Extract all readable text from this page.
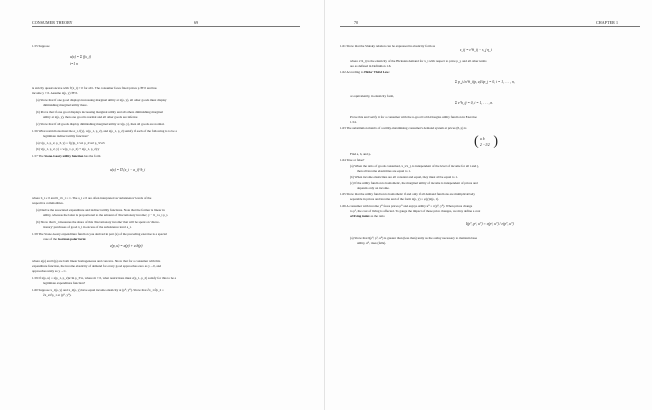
CONSUMER THEORY	69
1.55 Suppose
is strictly quasiconcave with f′(x_i) > 0 for all i. The consumer faces fixed prices p ≫ 0 and has
income y > 0. Assume x(p, y) ≫ 0.
(a) Show that if one good displays increasing marginal utility at x(p, y), all other goods must display
diminishing marginal utility there.
(b) Prove that if one good displays increasing marginal utility and all others diminishing marginal
utility at x(p, y), then one good is normal and all other goods are inferior.
(c) Show that if all goods display diminishing marginal utility at x(p, y), then all goods are normal.
1.56 What restrictions must the α_i, f(y), w(p_1, p_2), and z(p_1, p_2) satisfy if each of the following is to be a
legitimate indirect utility function?
(a) v(p_1, p_2, p_3, y) = f(y)p_1^α1 p_2^α2 p_3^α3
(b) v(p_1, p_2, y) = w(p_1, p_2) + z(p_1, p_2)/y
1.57 The Stone-Geary utility function has the form
where b_i ≥ 0 and Σ_i b_i = 1. The a_i ≥ 0 are often interpreted as 'subsistence' levels of the
respective commodities.
(a) Derive the associated expenditure and indirect utility functions. Note that the former is linear in
utility, whereas the latter is proportional to the amount of 'discretionary income', y − Σ_i a_i p_i.
(b) Show that b_i measures the share of this 'discretionary income' that will be spent on 'discre-
tionary' purchases of good x_i in excess of the subsistence level a_i.
1.58 The Stone-Geary expenditure function you derived in part (a) of the preceding exercise is a special
case of the Gorman polar form:
where a(p) and b(p) are both linear homogeneous and concave. Show that for a consumer with this
expenditure function, the income elasticity of demand for every good approaches zero as y→0, and
approaches unity as y→∞.
1.59 If x(p, u) = z(p_1, p_2)u^m p_3^n, where m > 0, what restrictions must z(p_1, p_2) satisfy for this to be a
legitimate expenditure function?
1.60 Suppose x_1(p, y) and x_2(p, y) have equal income elasticity at (p⁰, y⁰). Show that ∂x_1/∂p_2 =
∂x_2/∂p_1 at (p⁰, y⁰).
u(x) = Σ f(x_i)
i=1 n
u(x) = Π (x_i − a_i)^b_i
e(p, u) = a(p) + u b(p)
70	CHAPTER 1
1.61 Show that the Slutsky relation can be expressed in elasticity form as
where ε^h_ij is the elasticity of the Hicksian demand for x_i with respect to price p_j, and all other terms
are as defined in Definition 1.6.
1.62 According to Hicks' Third Law:
or equivalently, in elasticity form,
Prove this and verify it for a consumer with the n-good Cobb-Douglas utility function in Exercise
1.54.
1.63 The substitution matrix of a utility-maximising consumer's demand system at prices (8, p) is
Find a, b, and p.
1.64 True or false?
(a) When the ratio of goods consumed, x_i/x_j, is independent of the level of income for all i and j,
then all income elasticities are equal to 1.
(b) When income elasticities are all constant and equal, they must all be equal to 1.
(c) If the utility function is homothetic, the marginal utility of income is independent of prices and
depends only on income.
1.65 Show that the utility function is homothetic if and only if all demand functions are multiplicatively
separable in prices and income and of the form x(p, y) = φ(y)x(p, 1).
1.66 A consumer with income y⁰ faces prices p⁰ and enjoys utility u⁰ = v(p⁰, y⁰). When prices change
to p¹, the cost of living is affected. To gauge the impact of these price changes, we may define a cost
of living index as the ratio
(a) Show that I(p⁰, p¹, u⁰) is greater than (less than) unity as the outlay necessary to maintain base
utility, u⁰, rises (falls).
ε_ij = ε^h_ij − s_j η_i
Σ p_j ∂x^h_i(p, u)/∂p_j = 0, i = 1, . . . , n,
Σ ε^h_ij = 0, i = 1, . . . , n.
I(p⁰, p¹, u⁰) ≡ e(p¹, u⁰) / e(p⁰, u⁰)
( a b
2 −1/2 )
